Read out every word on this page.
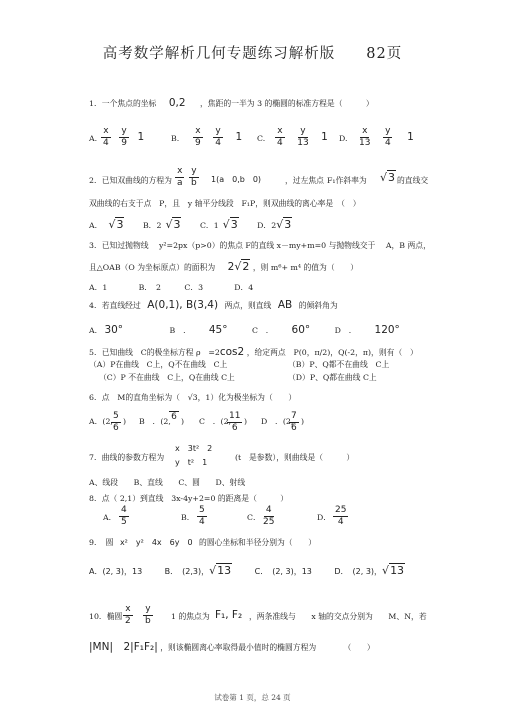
高考数学解析几何专题练习解析版　　82页
1．一个焦点的坐标 0,2 ，焦距的一半为 3 的椭圆的标准方程是（　　　）
A. $\frac{x}{4}$
$\frac{y}{9} 1$	B. $\frac{x}{9}$
$\frac{y}{4} 1$ C. $\frac{x}{4}$
$\frac{y}{13} 1$ D. $\frac{x}{13}$
$\frac{y}{4} 1$
2．已知双曲线的方程为 $\frac{x}{a}$
$\frac{y}{b} 1(a$　0,b　0)	，过左焦点 F₁作斜率为 √3 的直线交
双曲线的右支于点　P，且　y 轴平分线段　F₁P，则双曲线的离心率是　（　）
A． √3 B．2 √3 C．1 √3 D．2√3
3．已知过抛物线 y²=2px（p>0）的焦点 F的直线 x－my+m=0 与抛物线交于 A，B 两点，
且△OAB（O 为坐标原点）的面积为 2√2 ，则 m⁶+ m⁴ 的值为（　　）
A．1　　　　B．　2　　　C．3　　　　D．4
4．若直线经过 A(0,1), B(3,4) 两点，则直线 AB 的倾斜角为
A． 30°	B　． 45°	C　． 60°	D　． 120°
5．已知曲线　C的极坐标方程 ρ　=2cos2 ，给定两点　P(0，π/2)，Q(-2，π)，则有（　）
（A）P在曲线　C上，Q不在曲线　C上	（B）P、Q都不在曲线　C上
（C）P 不在曲线　C上，Q在曲线 C上	（D）P、Q都在曲线 C上
6．点　M的直角坐标为（　√3，1）化为极坐标为（　　）
A．(2,
$\frac{5}{6}$ ) B　．(2, 6 ) C　．(2,
$\frac{11}{6}$ ) D　．(2,
$\frac{7}{6}$ )
7．曲线的参数方程为
x　3t²　2
y　t²　1
(t　是参数），则曲线是（　　　）
A、线段　　B、直线　　C、圆　　D、射线
8．点（ 2,1）到直线　3x-4y+2=0 的距离是（　　　）
A． $\frac{4}{5}$	B． $\frac{5}{4}$	C． $\frac{4}{25}$	D． $\frac{25}{4}$
9．　圆 x²　y²　4x　6y　0 的圆心坐标和半径分别为（　　）
A．(2, 3)，13	B．　(2,3)，√13	C．　(2, 3)，13	D．　(2, 3)，√13
10．椭圆 $\frac{x}{2} \frac{y}{b} 1$ 的焦点为 F₁, F₂ ，两条准线与　　x 轴的交点分别为　　M、N，若
|MN|　2|F₁F₂| ，则该椭圆离心率取得最小值时的椭圆方程为　　　　（　　）
试卷第 1 页，总 24 页
